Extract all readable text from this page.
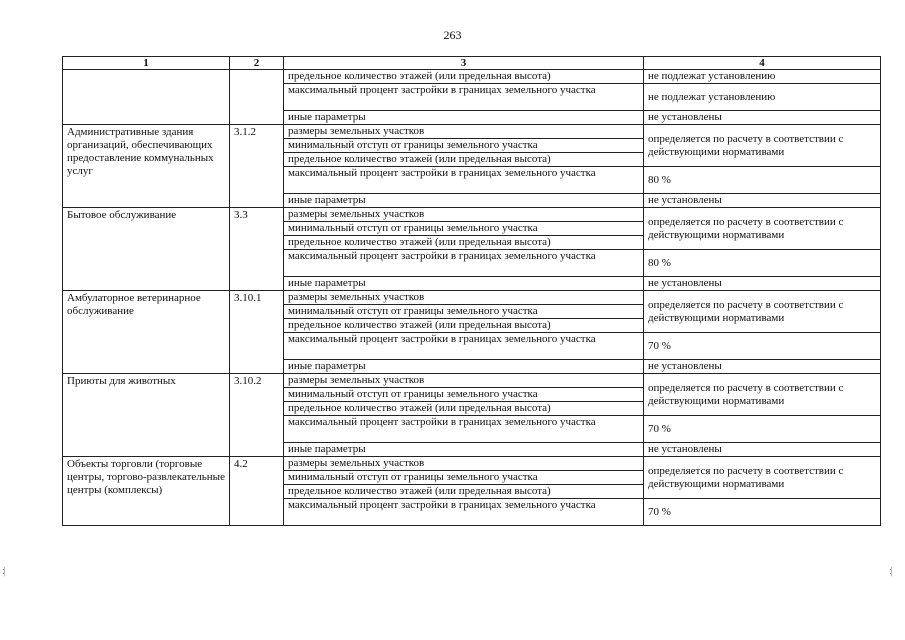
263
:|	:|
1	2	3	4
		предельное количество этажей (или предельная высота)	не подлежат установлению
		максимальный процент застройки в границах земельного участка	не подлежат установлению
		иные параметры	не установлены
Административные здания организаций, обеспечивающих предоставление коммунальных услуг	3.1.2	размеры земельных участков	определяется по расчету в соответствии с действующими нормативами
		минимальный отступ от границы земельного участка	
		предельное количество этажей (или предельная высота)	
		максимальный процент застройки в границах земельного участка	80 %
		иные параметры	не установлены
Бытовое обслуживание	3.3	размеры земельных участков	определяется по расчету в соответствии с действующими нормативами
		минимальный отступ от границы земельного участка	
		предельное количество этажей (или предельная высота)	
		максимальный процент застройки в границах земельного участка	80 %
		иные параметры	не установлены
Амбулаторное ветеринарное обслуживание	3.10.1	размеры земельных участков	определяется по расчету в соответствии с действующими нормативами
		минимальный отступ от границы земельного участка	
		предельное количество этажей (или предельная высота)	
		максимальный процент застройки в границах земельного участка	70 %
		иные параметры	не установлены
Приюты для животных	3.10.2	размеры земельных участков	определяется по расчету в соответствии с действующими нормативами
		минимальный отступ от границы земельного участка	
		предельное количество этажей (или предельная высота)	
		максимальный процент застройки в границах земельного участка	70 %
		иные параметры	не установлены
Объекты торговли (торговые центры, торгово-развлекательные центры (комплексы)	4.2	размеры земельных участков	определяется по расчету в соответствии с действующими нормативами
		минимальный отступ от границы земельного участка	
		предельное количество этажей (или предельная высота)	
		максимальный процент застройки в границах земельного участка	70 %
